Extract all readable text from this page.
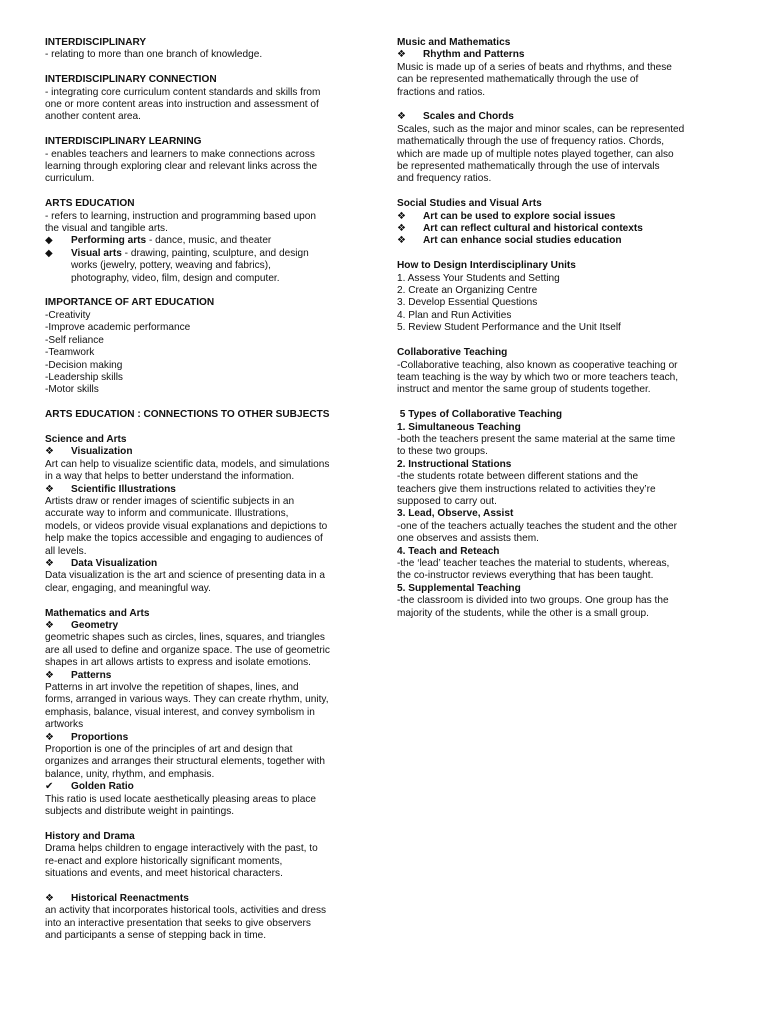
INTERDISCIPLINARY

- relating to more than one branch of knowledge.

INTERDISCIPLINARY CONNECTION

- integrating core curriculum content standards and skills from

one or more content areas into instruction and assessment of

another content area.

INTERDISCIPLINARY LEARNING

- enables teachers and learners to make connections across

learning through exploring clear and relevant links across the

curriculum.

ARTS EDUCATION

- refers to learning, instruction and programming based upon

the visual and tangible arts.

◆	Performing arts - dance, music, and theater
◆	Visual arts - drawing, painting, sculpture, and design
works (jewelry, pottery, weaving and fabrics),
photography, video, film, design and computer.

IMPORTANCE OF ART EDUCATION

-Creativity

-Improve academic performance

-Self reliance

-Teamwork

-Decision making

-Leadership skills

-Motor skills

ARTS EDUCATION : CONNECTIONS TO OTHER SUBJECTS

Science and Arts

❖	Visualization

Art can help to visualize scientific data, models, and simulations

in a way that helps to better understand the information.

❖	Scientific Illustrations

Artists draw or render images of scientific subjects in an

accurate way to inform and communicate. Illustrations,

models, or videos provide visual explanations and depictions to

help make the topics accessible and engaging to audiences of

all levels.

❖	Data Visualization

Data visualization is the art and science of presenting data in a

clear, engaging, and meaningful way.

Mathematics and Arts

❖	Geometry

geometric shapes such as circles, lines, squares, and triangles

are all used to define and organize space. The use of geometric

shapes in art allows artists to express and isolate emotions.

❖	Patterns

Patterns in art involve the repetition of shapes, lines, and

forms, arranged in various ways. They can create rhythm, unity,

emphasis, balance, visual interest, and convey symbolism in

artworks

❖	Proportions

Proportion is one of the principles of art and design that

organizes and arranges their structural elements, together with

balance, unity, rhythm, and emphasis.

✔	Golden Ratio

This ratio is used locate aesthetically pleasing areas to place

subjects and distribute weight in paintings.

History and Drama

Drama helps children to engage interactively with the past, to

re-enact and explore historically significant moments,

situations and events, and meet historical characters.

❖	Historical Reenactments

an activity that incorporates historical tools, activities and dress

into an interactive presentation that seeks to give observers

and participants a sense of stepping back in time.

Music and Mathematics

❖	Rhythm and Patterns

Music is made up of a series of beats and rhythms, and these

can be represented mathematically through the use of

fractions and ratios.

❖	Scales and Chords

Scales, such as the major and minor scales, can be represented

mathematically through the use of frequency ratios. Chords,

which are made up of multiple notes played together, can also

be represented mathematically through the use of intervals

and frequency ratios.

Social Studies and Visual Arts

❖	Art can be used to explore social issues
❖	Art can reflect cultural and historical contexts
❖	Art can enhance social studies education

How to Design Interdisciplinary Units

1. Assess Your Students and Setting

2. Create an Organizing Centre

3. Develop Essential Questions

4. Plan and Run Activities

5. Review Student Performance and the Unit Itself

Collaborative Teaching

-Collaborative teaching, also known as cooperative teaching or

team teaching is the way by which two or more teachers teach,

instruct and mentor the same group of students together.

5 Types of Collaborative Teaching

1. Simultaneous Teaching

-both the teachers present the same material at the same time

to these two groups.

2. Instructional Stations

-the students rotate between different stations and the

teachers give them instructions related to activities they’re

supposed to carry out.

3. Lead, Observe, Assist

-one of the teachers actually teaches the student and the other

one observes and assists them.

4. Teach and Reteach

-the ‘lead’ teacher teaches the material to students, whereas,

the co-instructor reviews everything that has been taught.

5. Supplemental Teaching

-the classroom is divided into two groups. One group has the

majority of the students, while the other is a small group.
